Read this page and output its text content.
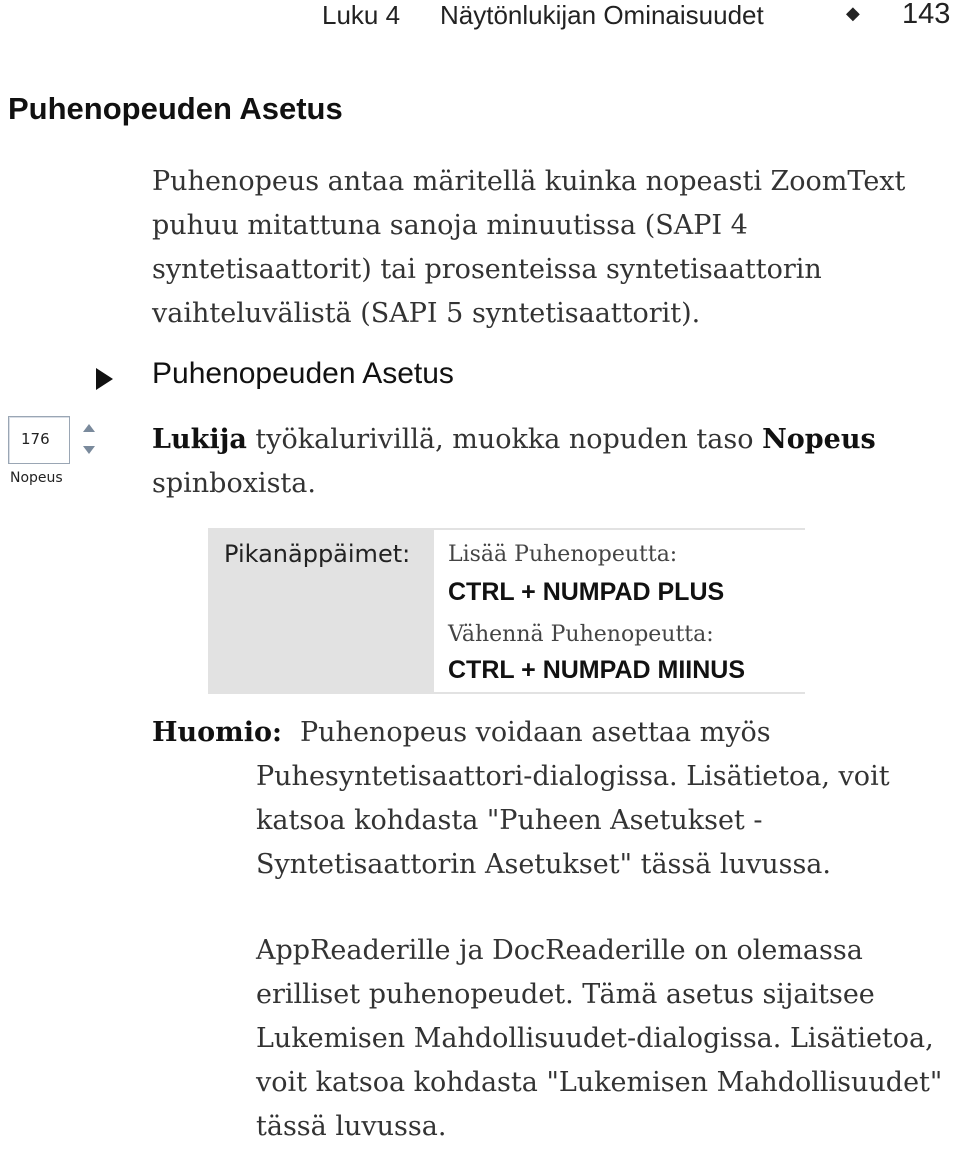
Luku 4 Näytönlukijan Ominaisuudet	◆ 143
Puhenopeuden Asetus
Puhenopeus antaa märitellä kuinka nopeasti ZoomText puhuu mitattuna sanoja minuutissa (SAPI 4 syntetisaattorit) tai prosenteissa syntetisaattorin vaihteluvälistä (SAPI 5 syntetisaattorit).
Puhenopeuden Asetus
176
Nopeus
Lukija työkalurivillä, muokka nopuden taso Nopeus spinboxista.
Pikanäppäimet: Lisää Puhenopeutta:
CTRL + NUMPAD PLUS
Vähennä Puhenopeutta:
CTRL + NUMPAD MIINUS
Huomio: Puhenopeus voidaan asettaa myös
Puhesyntetisaattori-dialogissa. Lisätietoa, voit katsoa kohdasta "Puheen Asetukset - Syntetisaattorin Asetukset" tässä luvussa.
AppReaderille ja DocReaderille on olemassa erilliset puhenopeudet. Tämä asetus sijaitsee Lukemisen Mahdollisuudet-dialogissa. Lisätietoa, voit katsoa kohdasta "Lukemisen Mahdollisuudet" tässä luvussa.
